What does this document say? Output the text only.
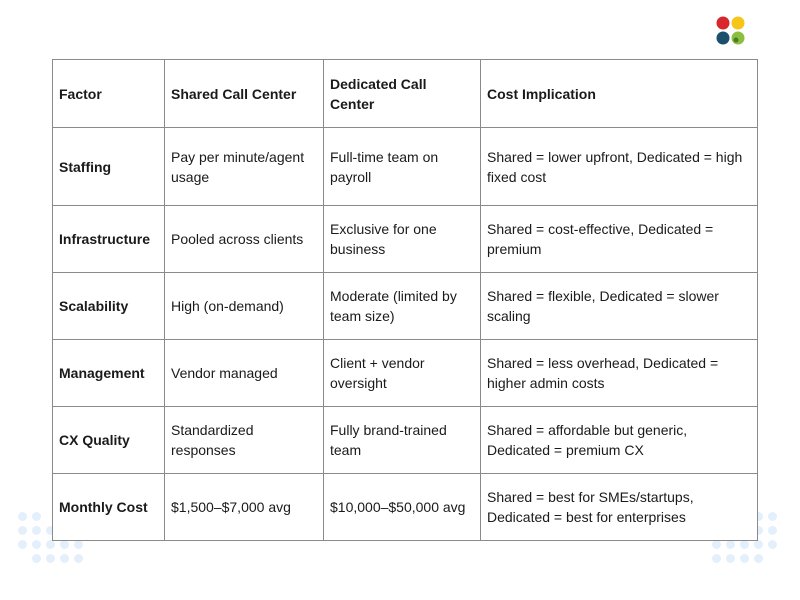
Factor	Shared Call Center	Dedicated Call Center	Cost Implication
Staffing	Pay per minute/agent usage	Full-time team on payroll	Shared = lower upfront, Dedicated = high fixed cost
Infrastructure	Pooled across clients	Exclusive for one business	Shared = cost-effective, Dedicated = premium
Scalability	High (on-demand)	Moderate (limited by team size)	Shared = flexible, Dedicated = slower scaling
Management	Vendor managed	Client + vendor oversight	Shared = less overhead, Dedicated = higher admin costs
CX Quality	Standardized responses	Fully brand-trained team	Shared = affordable but generic, Dedicated = premium CX
Monthly Cost	$1,500–$7,000 avg	$10,000–$50,000 avg	Shared = best for SMEs/startups, Dedicated = best for enterprises
